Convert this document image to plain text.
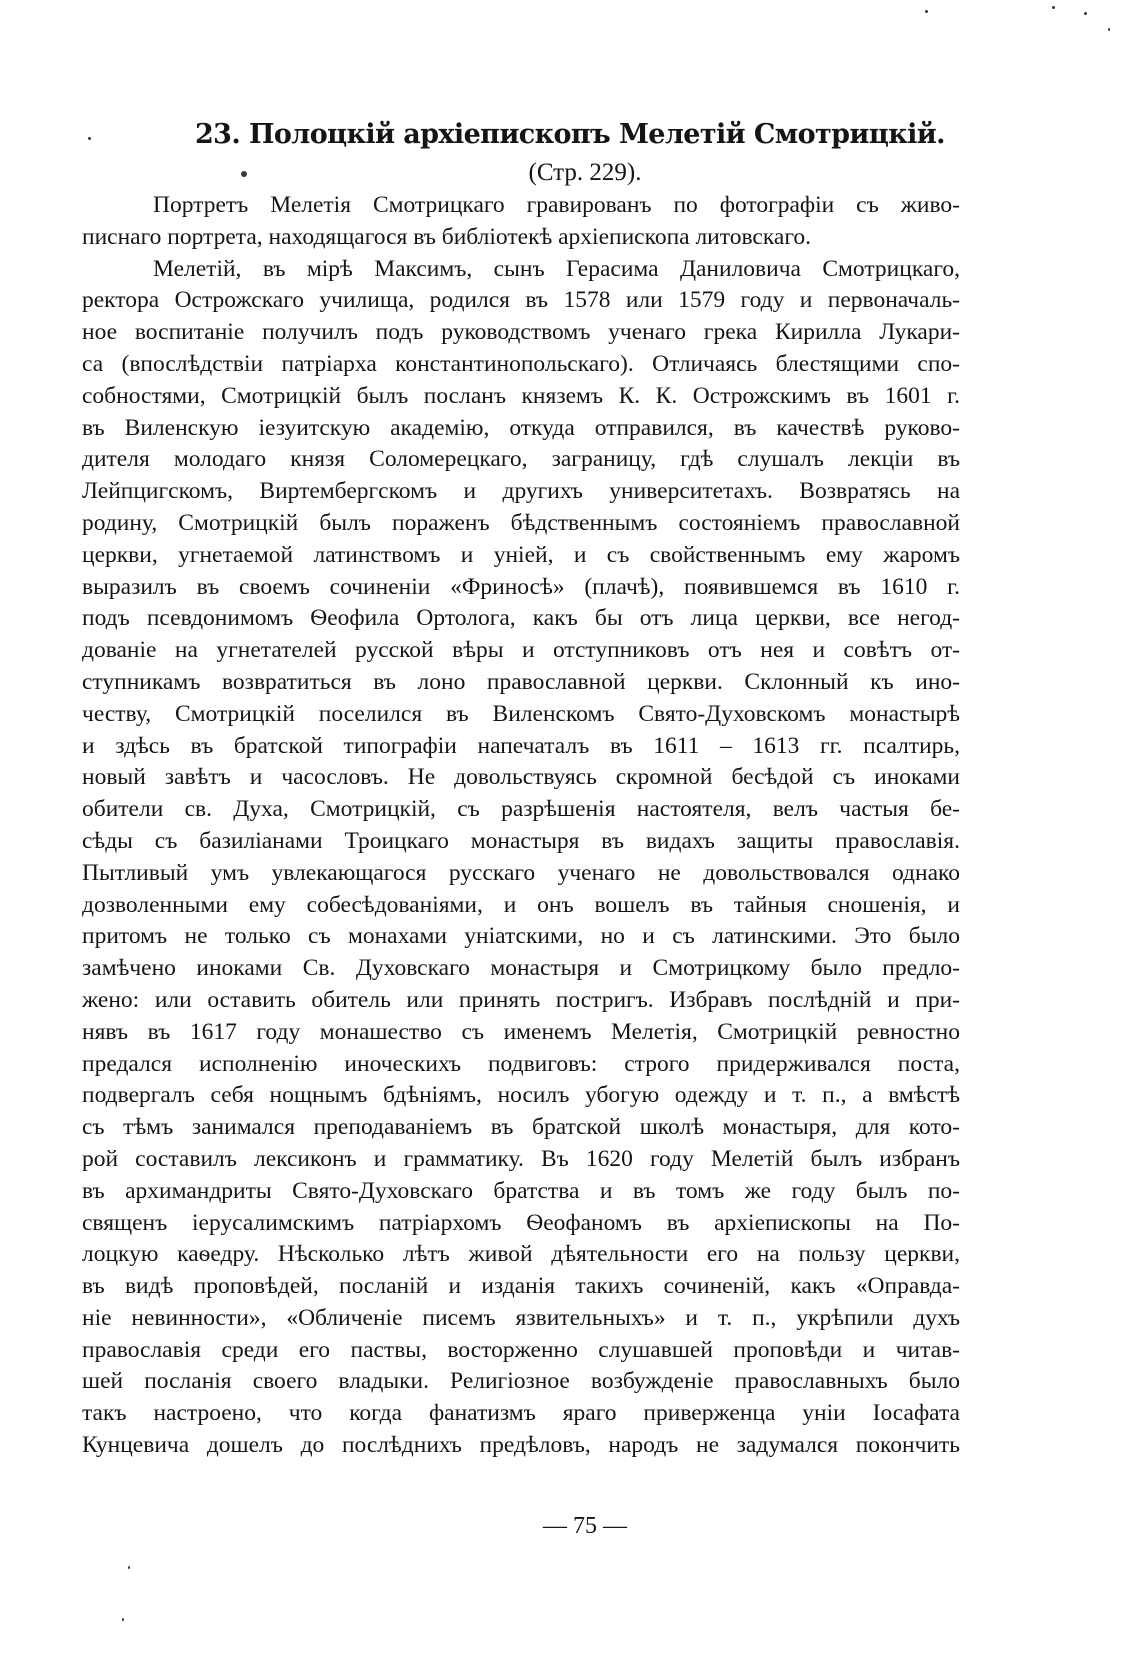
23. Полоцкій архіепископъ Мелетій Смотрицкій.
(Стр. 229).
Портретъ Мелетія Смотрицкаго гравированъ по фотографіи съ живо-
писнаго портрета, находящагося въ библіотекѣ архіепископа литовскаго.
Мелетій, въ мірѣ Максимъ, сынъ Герасима Даниловича Смотрицкаго,
ректора Острожскаго училища, родился въ 1578 или 1579 году и первоначаль-
ное воспитаніе получилъ подъ руководствомъ ученаго грека Кирилла Лукари-
са (впослѣдствіи патріарха константинопольскаго). Отличаясь блестящими спо-
собностями, Смотрицкій былъ посланъ княземъ К. К. Острожскимъ въ 1601 г.
въ Виленскую іезуитскую академію, откуда отправился, въ качествѣ руково-
дителя молодаго князя Соломерецкаго, заграницу, гдѣ слушалъ лекціи въ
Лейпцигскомъ, Виртембергскомъ и другихъ университетахъ. Возвратясь на
родину, Смотрицкій былъ пораженъ бѣдственнымъ состояніемъ православной
церкви, угнетаемой латинствомъ и уніей, и съ свойственнымъ ему жаромъ
выразилъ въ своемъ сочиненіи «Фриносѣ» (плачѣ), появившемся въ 1610 г.
подъ псевдонимомъ Ѳеофила Ортолога, какъ бы отъ лица церкви, все негод-
дованіе на угнетателей русской вѣры и отступниковъ отъ нея и совѣтъ от-
ступникамъ возвратиться въ лоно православной церкви. Склонный къ ино-
честву, Смотрицкій поселился въ Виленскомъ Свято-Духовскомъ монастырѣ
и здѣсь въ братской типографіи напечаталъ въ 1611 – 1613 гг. псалтирь,
новый завѣтъ и часословъ. Не довольствуясь скромной бесѣдой съ иноками
обители св. Духа, Смотрицкій, съ разрѣшенія настоятеля, велъ частыя бе-
сѣды съ базиліанами Троицкаго монастыря въ видахъ защиты православія.
Пытливый умъ увлекающагося русскаго ученаго не довольствовался однако
дозволенными ему собесѣдованіями, и онъ вошелъ въ тайныя сношенія, и
притомъ не только съ монахами уніатскими, но и съ латинскими. Это было
замѣчено иноками Св. Духовскаго монастыря и Смотрицкому было предло-
жено: или оставить обитель или принять постригъ. Избравъ послѣдній и при-
нявъ въ 1617 году монашество съ именемъ Мелетія, Смотрицкій ревностно
предался исполненію иноческихъ подвиговъ: строго придерживался поста,
подвергалъ себя нощнымъ бдѣніямъ, носилъ убогую одежду и т. п., а вмѣстѣ
съ тѣмъ занимался преподаваніемъ въ братской школѣ монастыря, для кото-
рой составилъ лексиконъ и грамматику. Въ 1620 году Мелетій былъ избранъ
въ архимандриты Свято-Духовскаго братства и въ томъ же году былъ по-
священъ іерусалимскимъ патріархомъ Ѳеофаномъ въ архіепископы на По-
лоцкую каѳедру. Нѣсколько лѣтъ живой дѣятельности его на пользу церкви,
въ видѣ проповѣдей, посланій и изданія такихъ сочиненій, какъ «Оправда-
ніе невинности», «Обличеніе писемъ язвительныхъ» и т. п., укрѣпили духъ
православія среди его паствы, восторженно слушавшей проповѣди и читав-
шей посланія своего владыки. Религіозное возбужденіе православныхъ было
такъ настроено, что когда фанатизмъ яраго приверженца уніи Іосафата
Кунцевича дошелъ до послѣднихъ предѣловъ, народъ не задумался покончить
— 75 —
